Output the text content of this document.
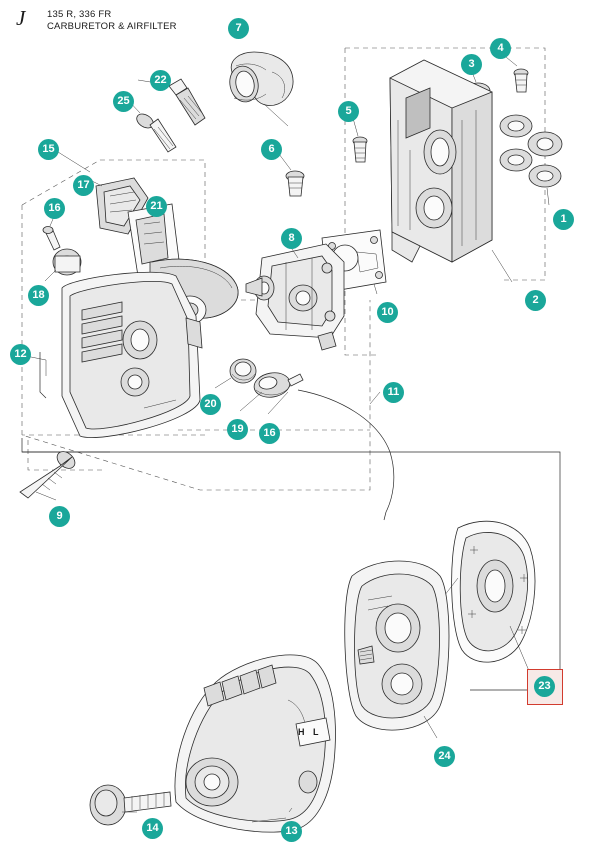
J 135 R, 336 FR
CARBURETOR & AIRFILTER
H L
7
4
3
22
25
5
6
15
17
21
16
1
8
18	2
10
12
11
20
19	16
9
23
24
14	13
